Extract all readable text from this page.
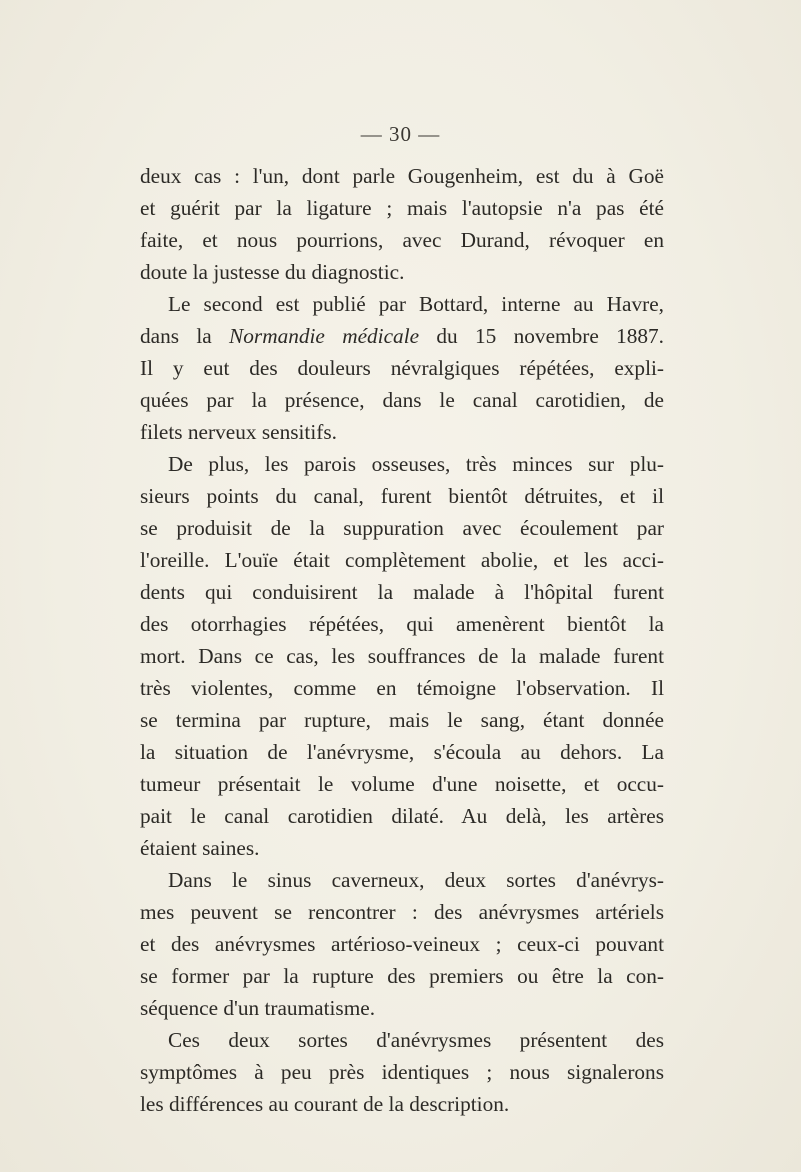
— 30 —
deux cas : l'un, dont parle Gougenheim, est du à Goë
et guérit par la ligature ; mais l'autopsie n'a pas été
faite, et nous pourrions, avec Durand, révoquer en
doute la justesse du diagnostic.
Le second est publié par Bottard, interne au Havre,
dans la Normandie médicale du 15 novembre 1887.
Il y eut des douleurs névralgiques répétées, expli-
quées par la présence, dans le canal carotidien, de
filets nerveux sensitifs.
De plus, les parois osseuses, très minces sur plu-
sieurs points du canal, furent bientôt détruites, et il
se produisit de la suppuration avec écoulement par
l'oreille. L'ouïe était complètement abolie, et les acci-
dents qui conduisirent la malade à l'hôpital furent
des otorrhagies répétées, qui amenèrent bientôt la
mort. Dans ce cas, les souffrances de la malade furent
très violentes, comme en témoigne l'observation. Il
se termina par rupture, mais le sang, étant donnée
la situation de l'anévrysme, s'écoula au dehors. La
tumeur présentait le volume d'une noisette, et occu-
pait le canal carotidien dilaté. Au delà, les artères
étaient saines.
Dans le sinus caverneux, deux sortes d'anévrys-
mes peuvent se rencontrer : des anévrysmes artériels
et des anévrysmes artérioso-veineux ; ceux-ci pouvant
se former par la rupture des premiers ou être la con-
séquence d'un traumatisme.
Ces deux sortes d'anévrysmes présentent des
symptômes à peu près identiques ; nous signalerons
les différences au courant de la description.
